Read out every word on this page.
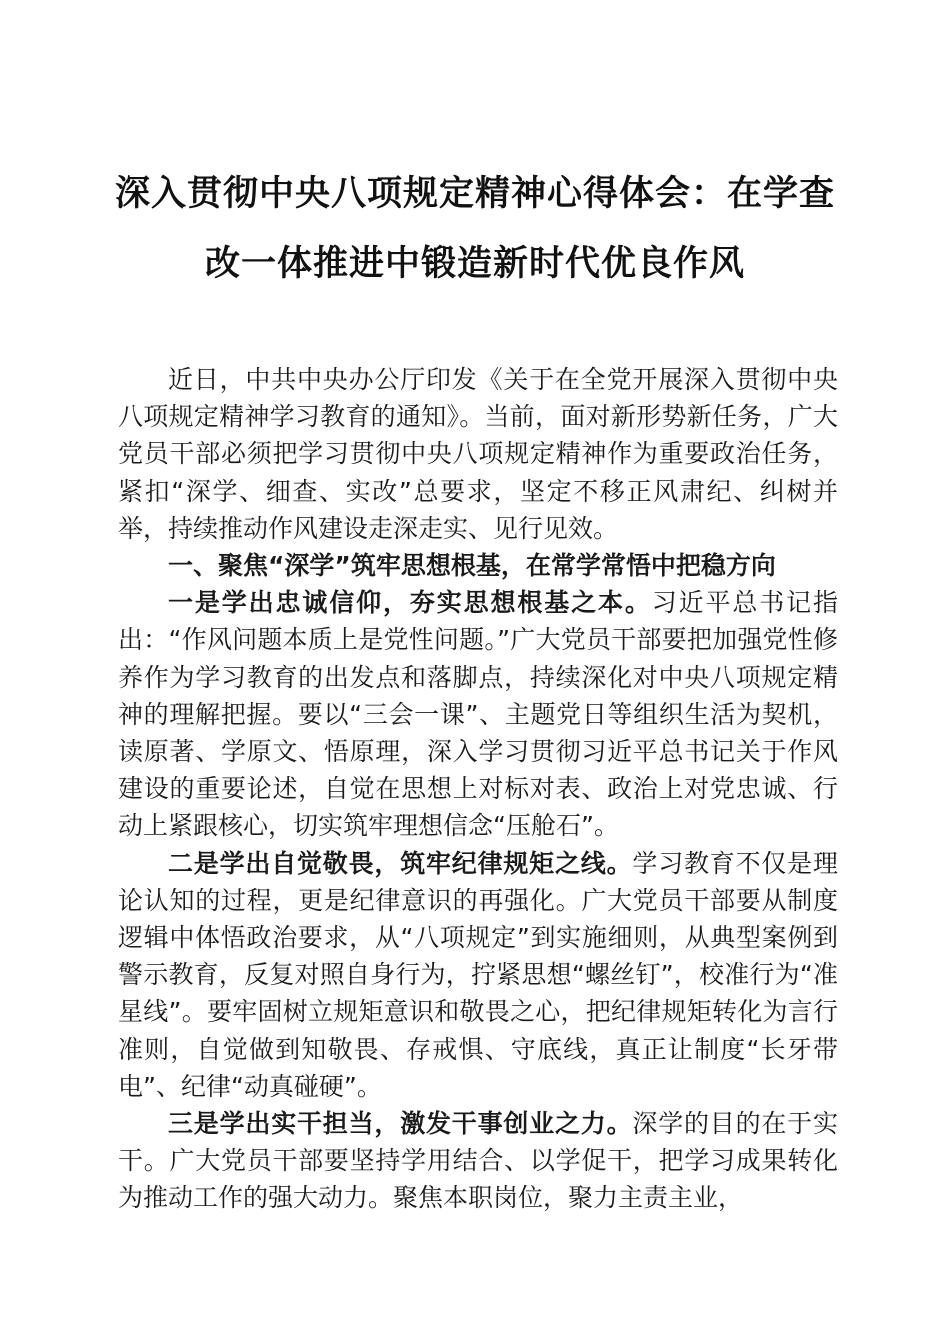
深入贯彻中央八项规定精神心得体会：在学查
改一体推进中锻造新时代优良作风

近日，中共中央办公厅印发《关于在全党开展深入贯彻中央八项规定精神学习教育的通知》。当前，面对新形势新任务，广大党员干部必须把学习贯彻中央八项规定精神作为重要政治任务，紧扣“深学、细查、实改”总要求，坚定不移正风肃纪、纠树并举，持续推动作风建设走深走实、见行见效。

一、聚焦“深学”筑牢思想根基，在常学常悟中把稳方向

一是学出忠诚信仰，夯实思想根基之本。习近平总书记指出：“作风问题本质上是党性问题。”广大党员干部要把加强党性修养作为学习教育的出发点和落脚点，持续深化对中央八项规定精神的理解把握。要以“三会一课”、主题党日等组织生活为契机，读原著、学原文、悟原理，深入学习贯彻习近平总书记关于作风建设的重要论述，自觉在思想上对标对表、政治上对党忠诚、行动上紧跟核心，切实筑牢理想信念“压舱石”。

二是学出自觉敬畏，筑牢纪律规矩之线。学习教育不仅是理论认知的过程，更是纪律意识的再强化。广大党员干部要从制度逻辑中体悟政治要求，从“八项规定”到实施细则，从典型案例到警示教育，反复对照自身行为，拧紧思想“螺丝钉”，校准行为“准星线”。要牢固树立规矩意识和敬畏之心，把纪律规矩转化为言行准则，自觉做到知敬畏、存戒惧、守底线，真正让制度“长牙带电”、纪律“动真碰硬”。

三是学出实干担当，激发干事创业之力。深学的目的在于实干。广大党员干部要坚持学用结合、以学促干，把学习成果转化为推动工作的强大动力。聚焦本职岗位，聚力主责主业，
